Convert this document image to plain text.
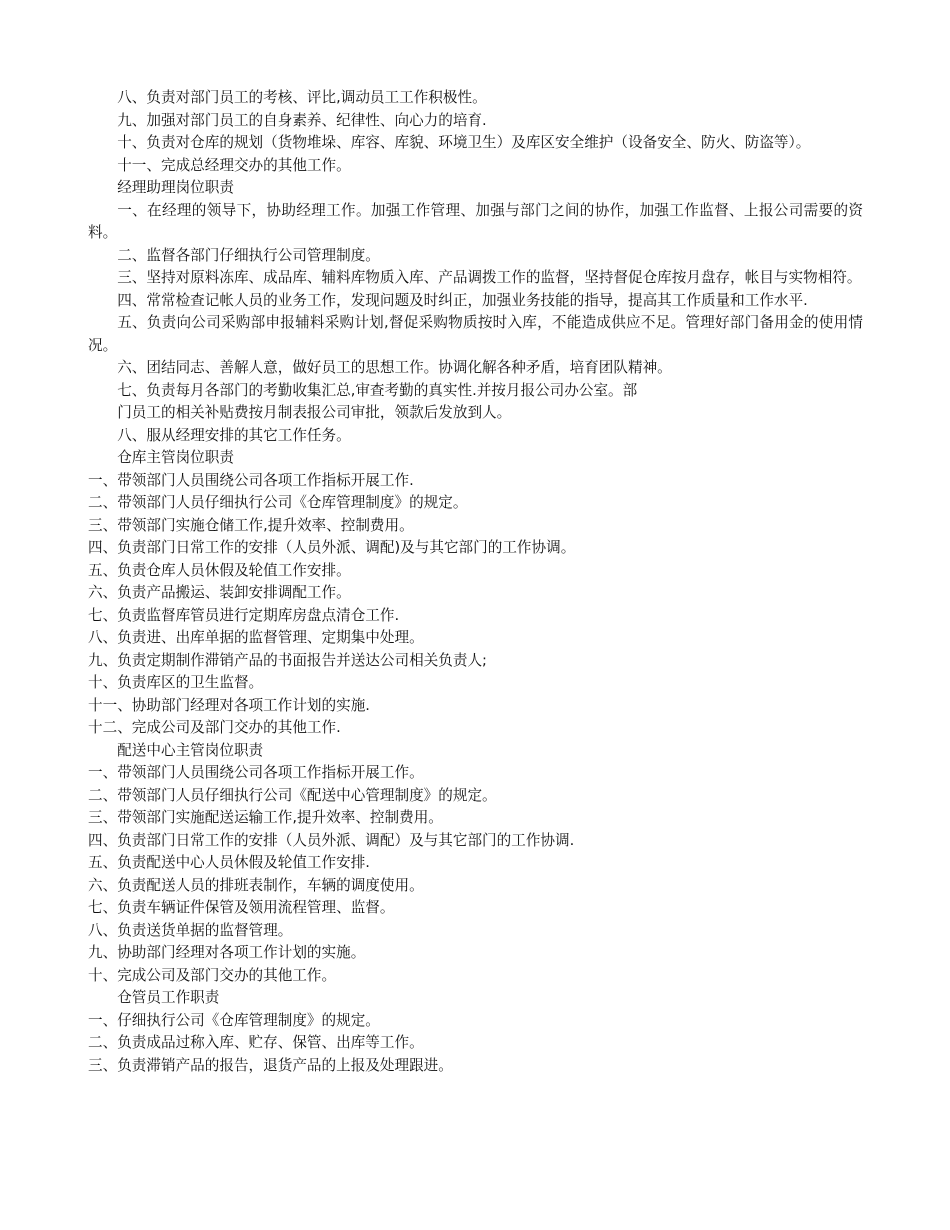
八、负责对部门员工的考核、评比,调动员工工作积极性。

九、加强对部门员工的自身素养、纪律性、向心力的培育.

十、负责对仓库的规划（货物堆垛、库容、库貌、环境卫生）及库区安全维护（设备安全、防火、防盗等）。

十一、完成总经理交办的其他工作。

经理助理岗位职责

一、在经理的领导下，协助经理工作。加强工作管理、加强与部门之间的协作，加强工作监督、上报公司需要的资料。

二、监督各部门仔细执行公司管理制度。

三、坚持对原料冻库、成品库、辅料库物质入库、产品调拨工作的监督，坚持督促仓库按月盘存，帐目与实物相符。

四、常常检查记帐人员的业务工作，发现问题及时纠正，加强业务技能的指导，提高其工作质量和工作水平.

五、负责向公司采购部申报辅料采购计划,督促采购物质按时入库，不能造成供应不足。管理好部门备用金的使用情况。

六、团结同志、善解人意，做好员工的思想工作。协调化解各种矛盾，培育团队精神。

七、负责每月各部门的考勤收集汇总,审查考勤的真实性.并按月报公司办公室。部

门员工的相关补贴费按月制表报公司审批，领款后发放到人。

八、服从经理安排的其它工作任务。

仓库主管岗位职责

一、带领部门人员围绕公司各项工作指标开展工作.

二、带领部门人员仔细执行公司《仓库管理制度》的规定。

三、带领部门实施仓储工作,提升效率、控制费用。

四、负责部门日常工作的安排（人员外派、调配)及与其它部门的工作协调。

五、负责仓库人员休假及轮值工作安排。

六、负责产品搬运、装卸安排调配工作。

七、负责监督库管员进行定期库房盘点清仓工作.

八、负责进、出库单据的监督管理、定期集中处理。

九、负责定期制作滞销产品的书面报告并送达公司相关负责人;

十、负责库区的卫生监督。

十一、协助部门经理对各项工作计划的实施.

十二、完成公司及部门交办的其他工作.

配送中心主管岗位职责

一、带领部门人员围绕公司各项工作指标开展工作。

二、带领部门人员仔细执行公司《配送中心管理制度》的规定。

三、带领部门实施配送运输工作,提升效率、控制费用。

四、负责部门日常工作的安排（人员外派、调配）及与其它部门的工作协调.

五、负责配送中心人员休假及轮值工作安排.

六、负责配送人员的排班表制作，车辆的调度使用。

七、负责车辆证件保管及领用流程管理、监督。

八、负责送货单据的监督管理。

九、协助部门经理对各项工作计划的实施。

十、完成公司及部门交办的其他工作。

仓管员工作职责

一、仔细执行公司《仓库管理制度》的规定。

二、负责成品过称入库、贮存、保管、出库等工作。

三、负责滞销产品的报告，退货产品的上报及处理跟进。
